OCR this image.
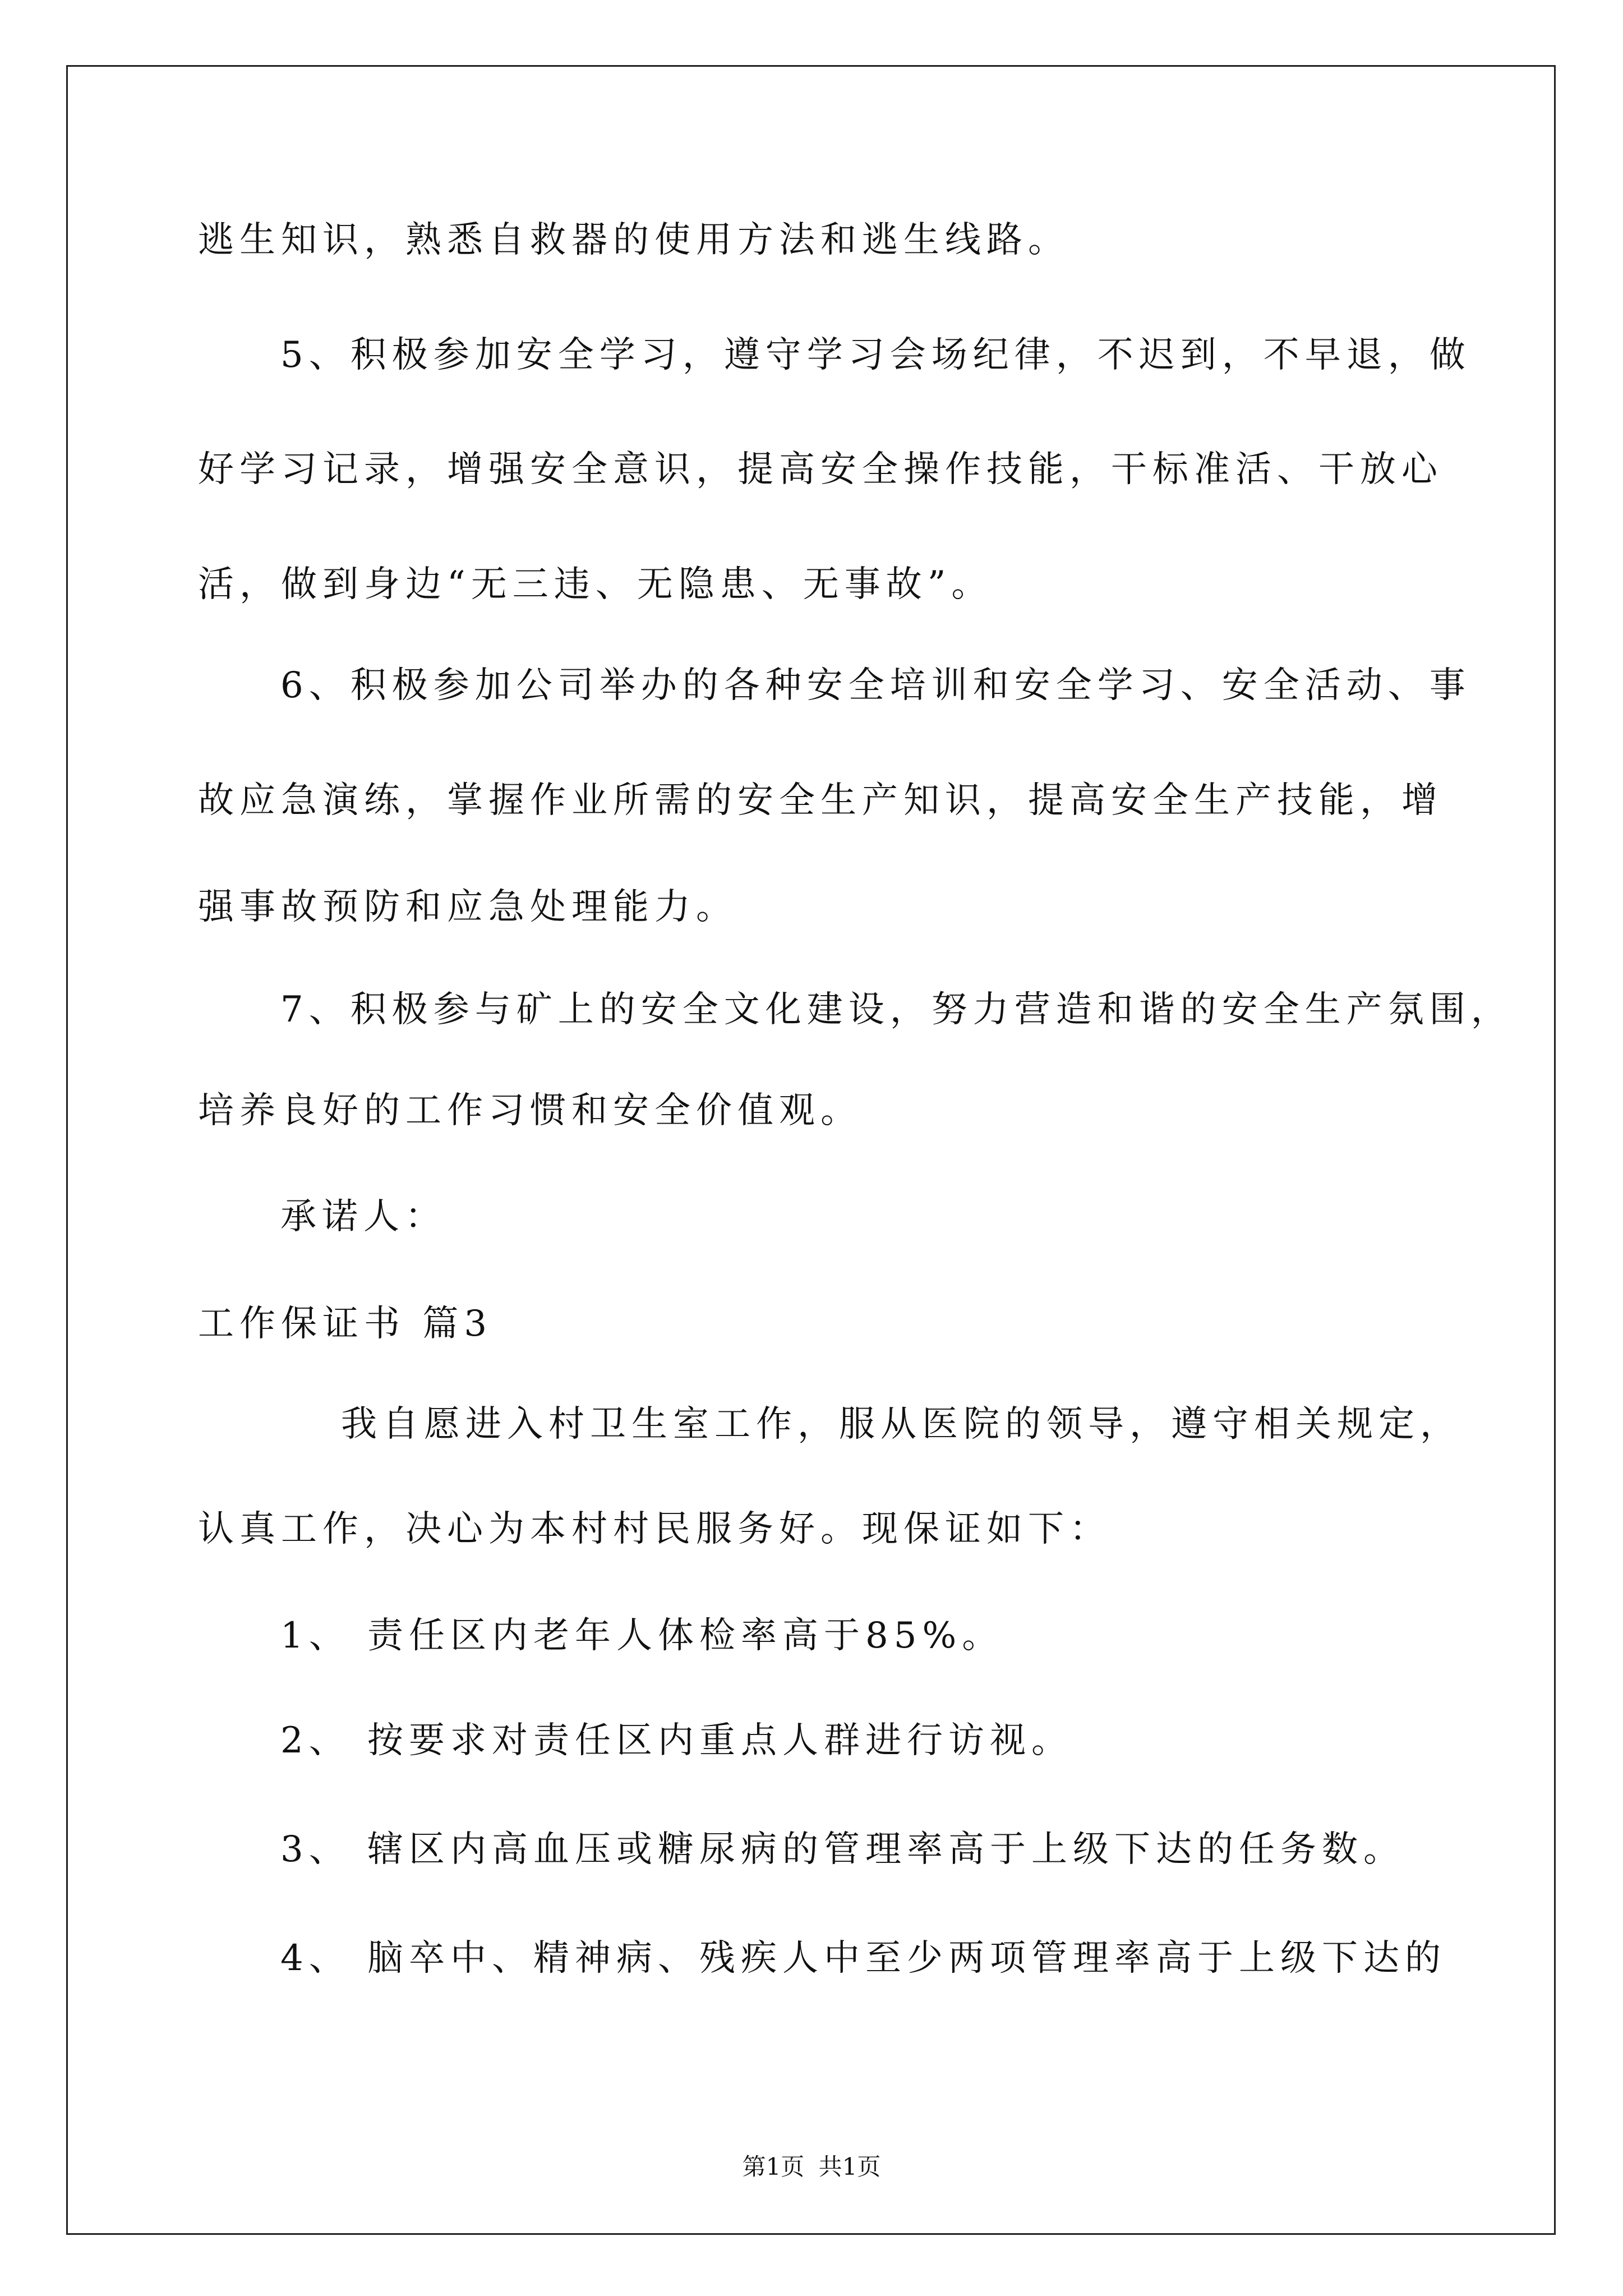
逃生知识，熟悉自救器的使用方法和逃生线路。
5、积极参加安全学习，遵守学习会场纪律，不迟到，不早退，做
好学习记录，增强安全意识，提高安全操作技能，干标准活、干放心
活，做到身边“无三违、无隐患、无事故”。
6、积极参加公司举办的各种安全培训和安全学习、安全活动、事
故应急演练，掌握作业所需的安全生产知识，提高安全生产技能，增
强事故预防和应急处理能力。
7、积极参与矿上的安全文化建设，努力营造和谐的安全生产氛围，
培养良好的工作习惯和安全价值观。
承诺人：
工作保证书 篇3
我自愿进入村卫生室工作，服从医院的领导，遵守相关规定，
认真工作，决心为本村村民服务好。现保证如下：
1、 责任区内老年人体检率高于85%。
2、 按要求对责任区内重点人群进行访视。
3、 辖区内高血压或糖尿病的管理率高于上级下达的任务数。
4、 脑卒中、精神病、残疾人中至少两项管理率高于上级下达的
第1页 共1页
